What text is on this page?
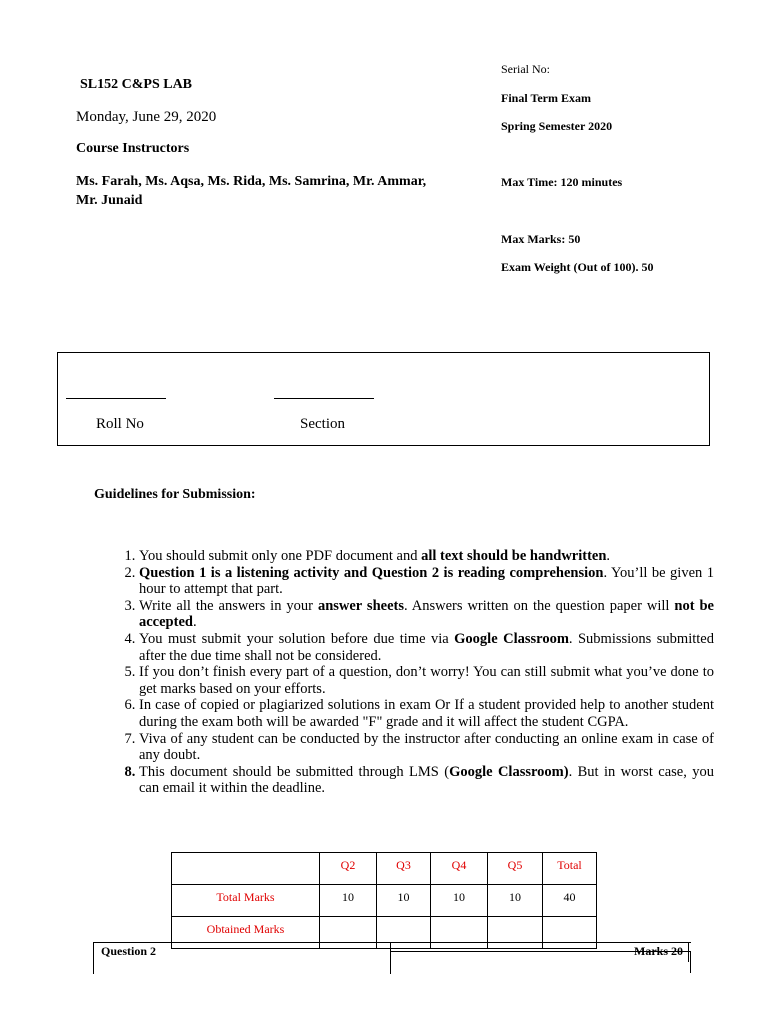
SL152 C&PS LAB
Monday, June 29, 2020
Course Instructors
Ms. Farah, Ms. Aqsa, Ms. Rida, Ms. Samrina, Mr. Ammar, Mr. Junaid
Serial No:
Final Term Exam
Spring Semester 2020
Max Time: 120 minutes
Max Marks: 50
Exam Weight (Out of 100). 50
Roll No	Section
Guidelines for Submission:
1. You should submit only one PDF document and all text should be handwritten.
2. Question 1 is a listening activity and Question 2 is reading comprehension. You’ll be given 1 hour to attempt that part.
3. Write all the answers in your answer sheets. Answers written on the question paper will not be accepted.
4. You must submit your solution before due time via Google Classroom. Submissions submitted after the due time shall not be considered.
5. If you don’t finish every part of a question, don’t worry! You can still submit what you’ve done to get marks based on your efforts.
6. In case of copied or plagiarized solutions in exam Or If a student provided help to another student during the exam both will be awarded "F" grade and it will affect the student CGPA.
7. Viva of any student can be conducted by the instructor after conducting an online exam in case of any doubt.
8. This document should be submitted through LMS (Google Classroom). But in worst case, you can email it within the deadline.
	Q2	Q3	Q4	Q5	Total
Total Marks	10	10	10	10	40
Obtained Marks					
Question 2	Marks 20
